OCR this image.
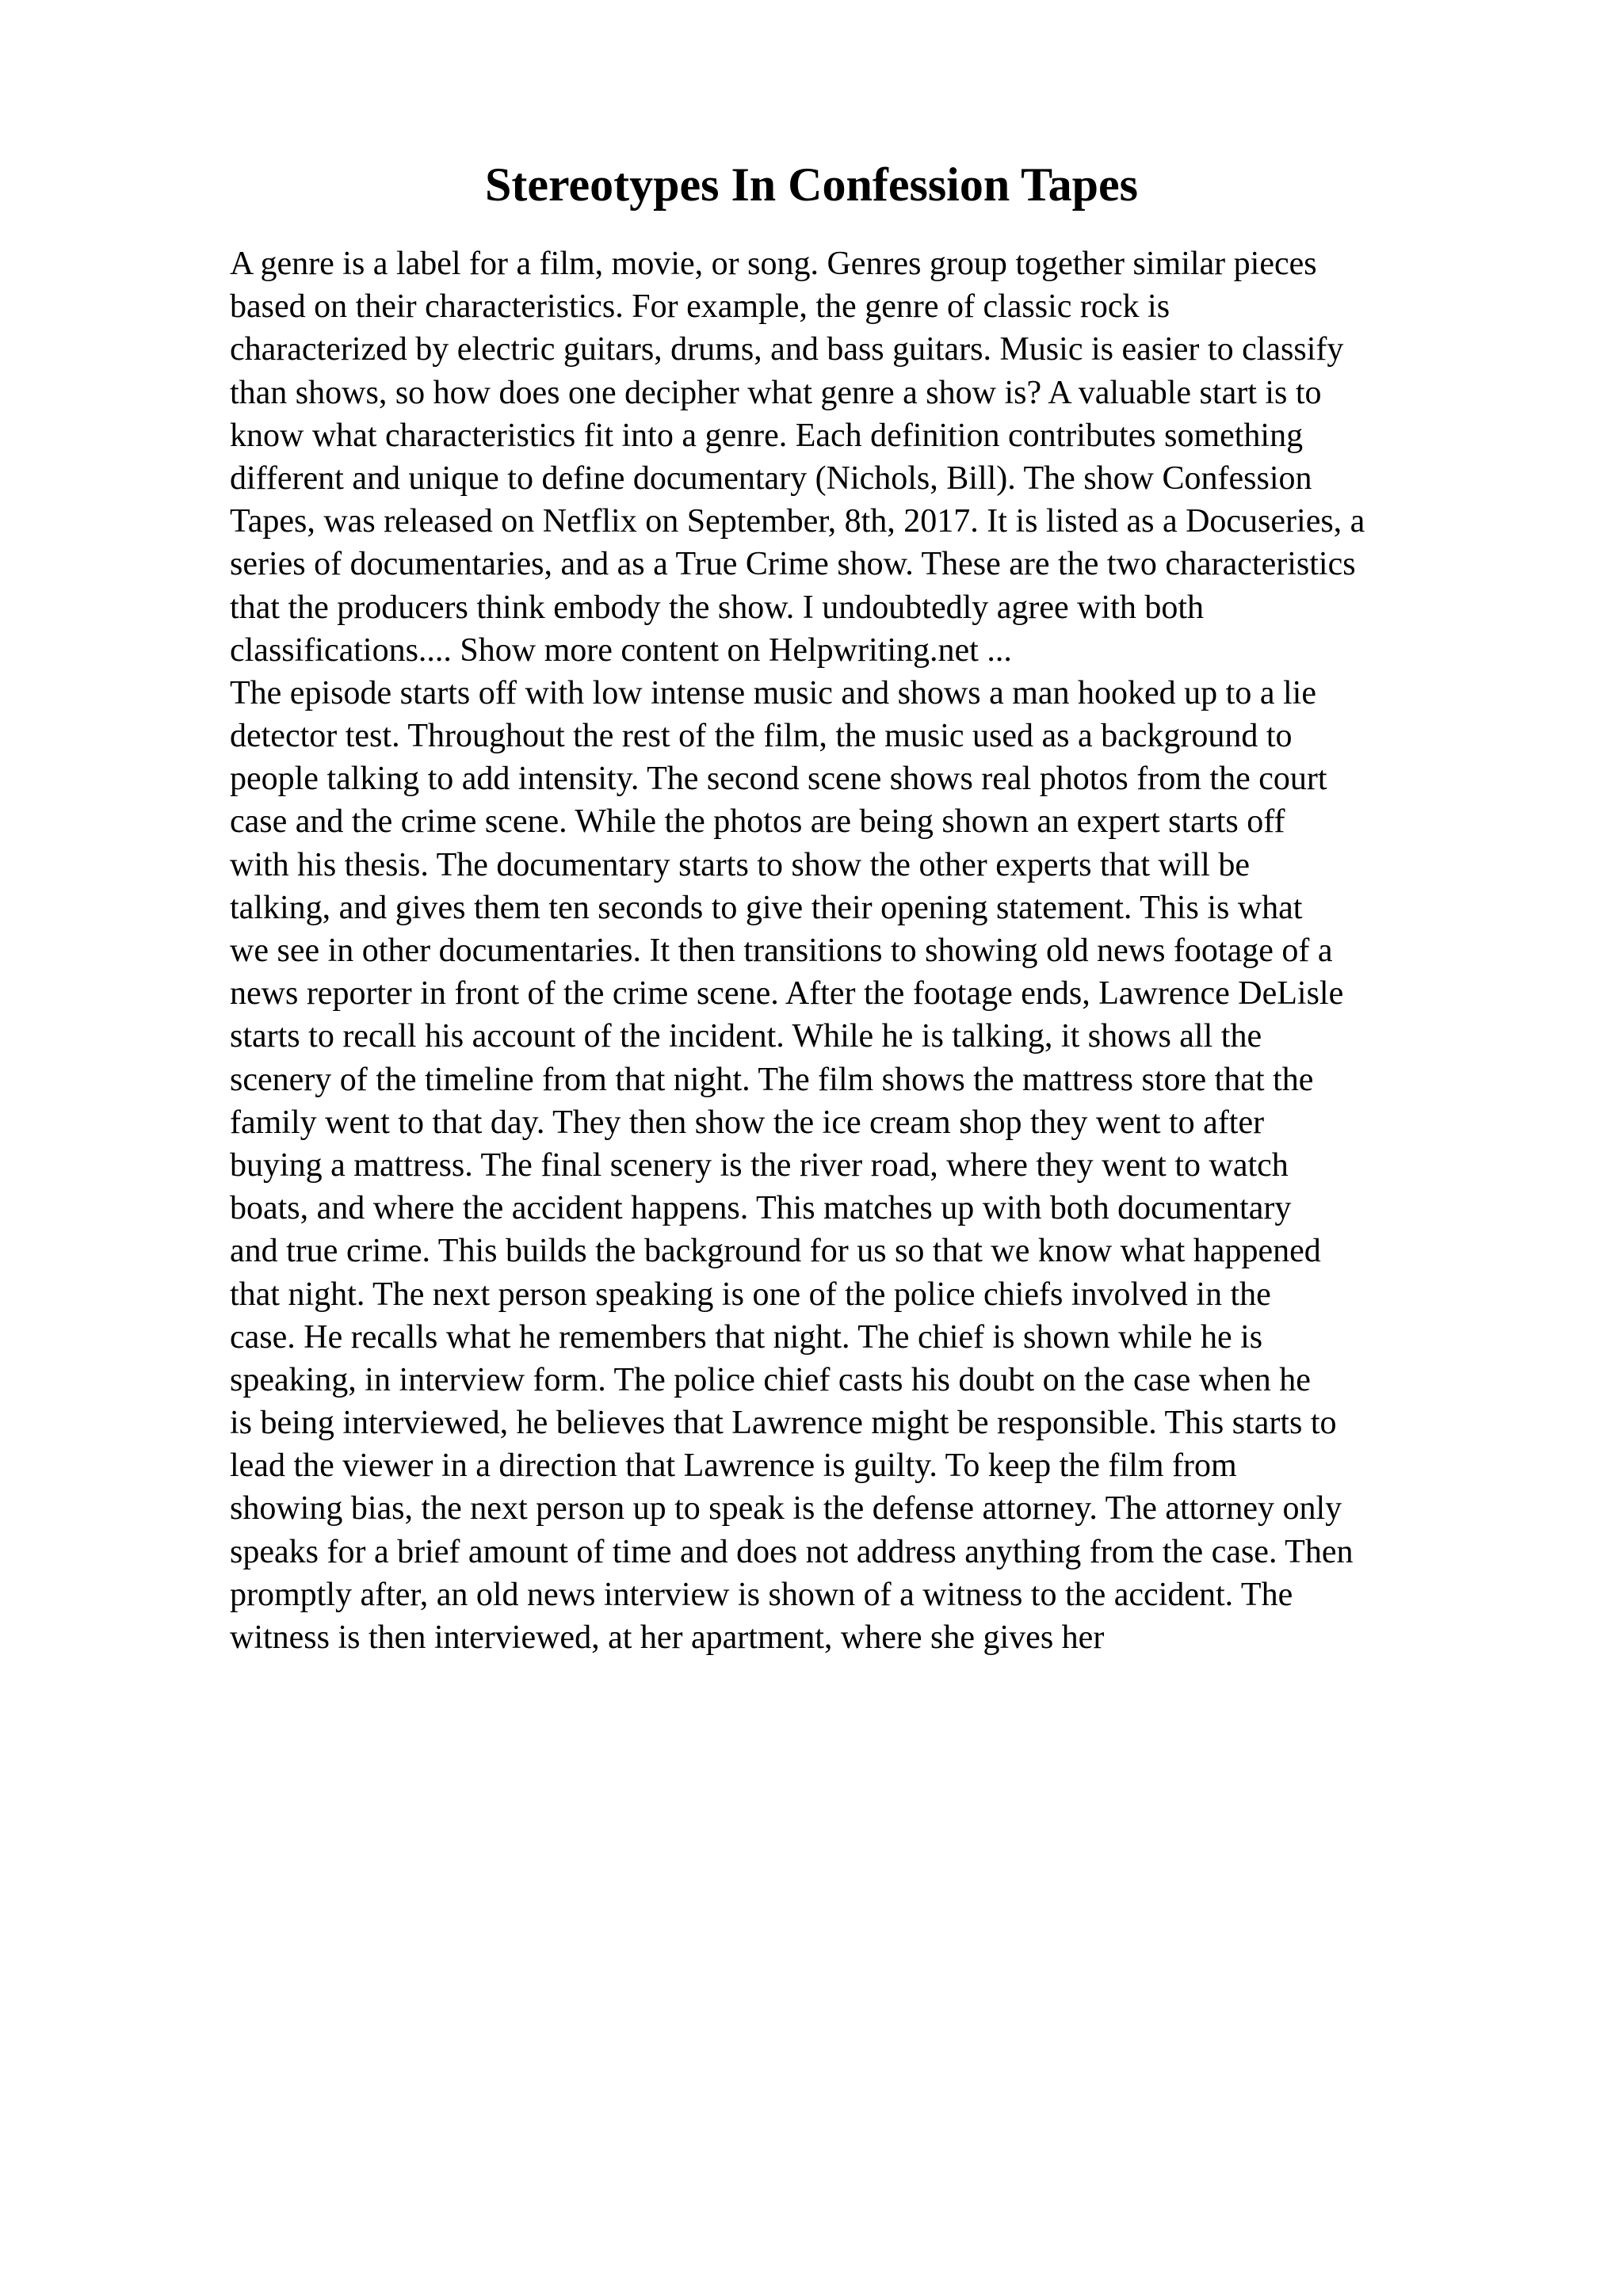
Stereotypes In Confession Tapes
A genre is a label for a film, movie, or song. Genres group together similar pieces
based on their characteristics. For example, the genre of classic rock is
characterized by electric guitars, drums, and bass guitars. Music is easier to classify
than shows, so how does one decipher what genre a show is? A valuable start is to
know what characteristics fit into a genre. Each definition contributes something
different and unique to define documentary (Nichols, Bill). The show Confession
Tapes, was released on Netflix on September, 8th, 2017. It is listed as a Docuseries, a
series of documentaries, and as a True Crime show. These are the two characteristics
that the producers think embody the show. I undoubtedly agree with both
classifications.... Show more content on Helpwriting.net ...
The episode starts off with low intense music and shows a man hooked up to a lie
detector test. Throughout the rest of the film, the music used as a background to
people talking to add intensity. The second scene shows real photos from the court
case and the crime scene. While the photos are being shown an expert starts off
with his thesis. The documentary starts to show the other experts that will be
talking, and gives them ten seconds to give their opening statement. This is what
we see in other documentaries. It then transitions to showing old news footage of a
news reporter in front of the crime scene. After the footage ends, Lawrence DeLisle
starts to recall his account of the incident. While he is talking, it shows all the
scenery of the timeline from that night. The film shows the mattress store that the
family went to that day. They then show the ice cream shop they went to after
buying a mattress. The final scenery is the river road, where they went to watch
boats, and where the accident happens. This matches up with both documentary
and true crime. This builds the background for us so that we know what happened
that night. The next person speaking is one of the police chiefs involved in the
case. He recalls what he remembers that night. The chief is shown while he is
speaking, in interview form. The police chief casts his doubt on the case when he
is being interviewed, he believes that Lawrence might be responsible. This starts to
lead the viewer in a direction that Lawrence is guilty. To keep the film from
showing bias, the next person up to speak is the defense attorney. The attorney only
speaks for a brief amount of time and does not address anything from the case. Then
promptly after, an old news interview is shown of a witness to the accident. The
witness is then interviewed, at her apartment, where she gives her
